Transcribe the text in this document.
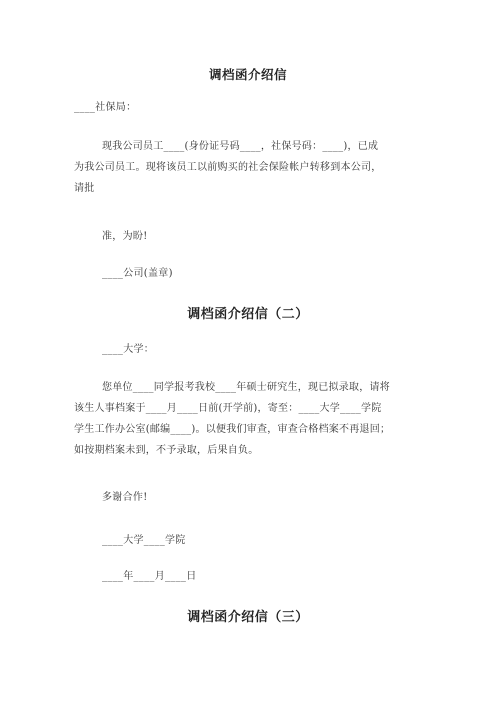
调档函介绍信
____社保局：
现我公司员工____(身份证号码____，社保号码：____)，已成
为我公司员工。现将该员工以前购买的社会保险帐户转移到本公司，
请批
准，为盼!
____公司(盖章)
调档函介绍信（二）
____大学：
您单位____同学报考我校____年硕士研究生，现已拟录取，请将
该生人事档案于____月____日前(开学前)，寄至：____大学____学院
学生工作办公室(邮编____)。以便我们审查，审查合格档案不再退回；
如按期档案未到，不予录取，后果自负。
多谢合作!
____大学____学院
____年____月____日
调档函介绍信（三）
